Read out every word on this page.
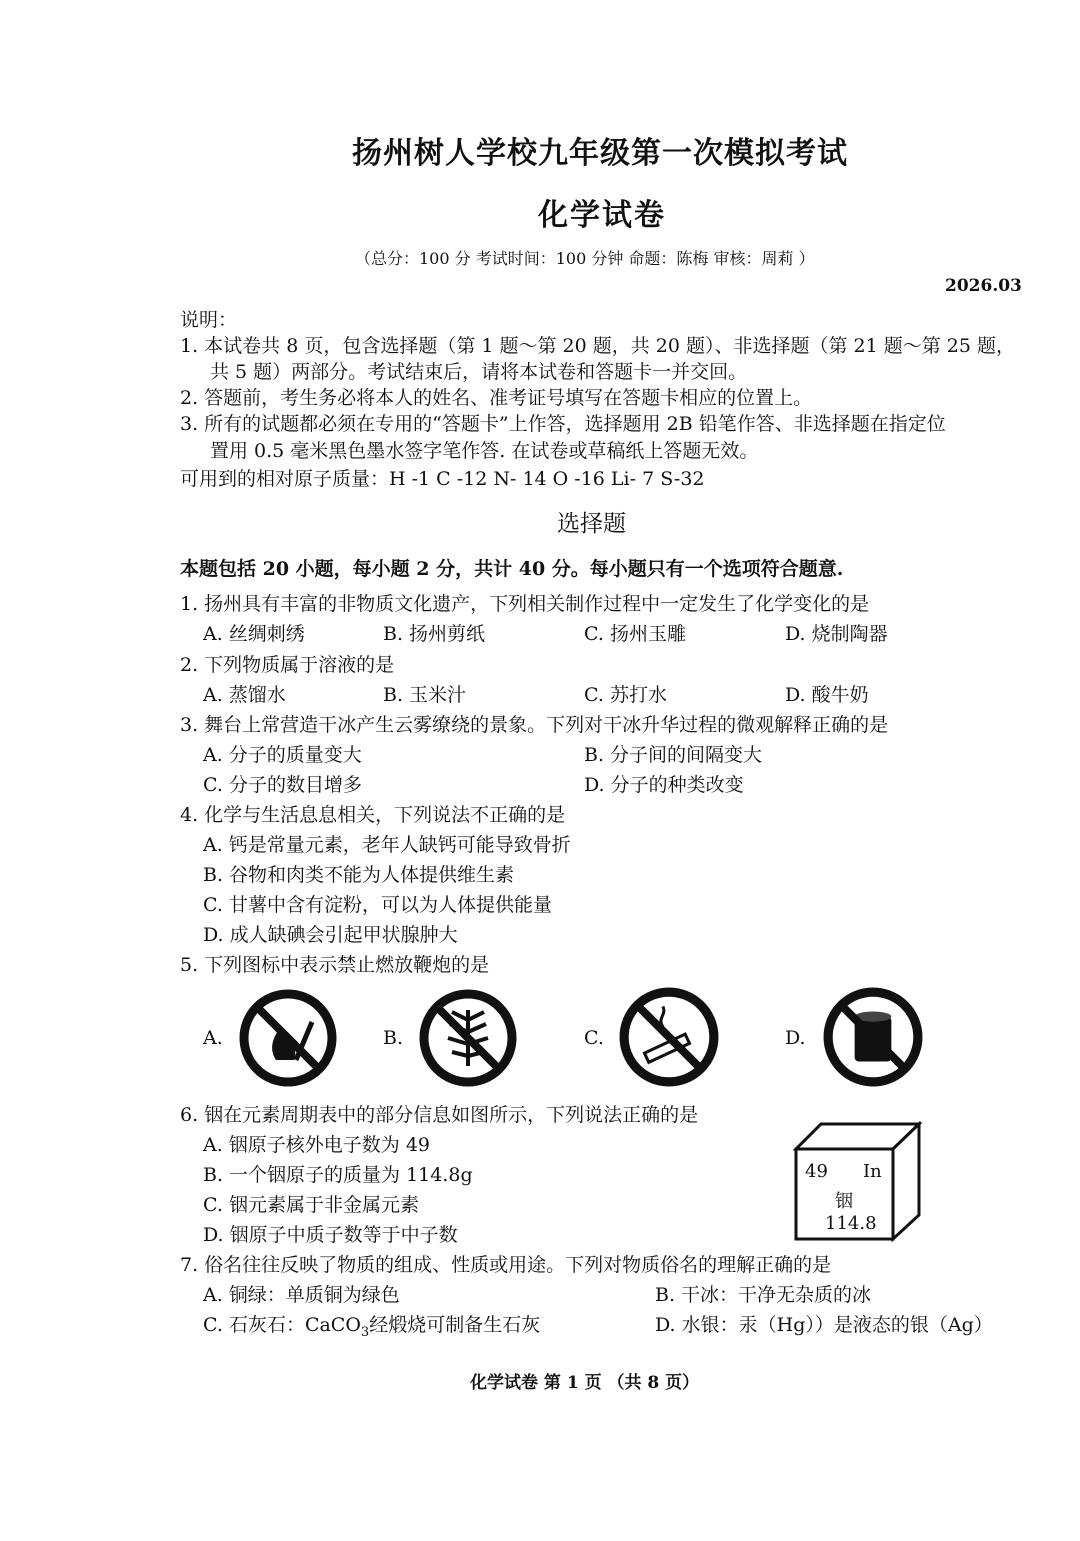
扬州树人学校九年级第一次模拟考试
化学试卷
（总分：100 分 考试时间：100 分钟 命题：陈梅 审核：周莉 ）
2026.03
说明：
1. 本试卷共 8 页，包含选择题（第 1 题～第 20 题，共 20 题）、非选择题（第 21 题～第 25 题，
共 5 题）两部分。考试结束后，请将本试卷和答题卡一并交回。
2. 答题前，考生务必将本人的姓名、准考证号填写在答题卡相应的位置上。
3. 所有的试题都必须在专用的“答题卡”上作答，选择题用 2B 铅笔作答、非选择题在指定位
置用 0.5 毫米黑色墨水签字笔作答. 在试卷或草稿纸上答题无效。
可用到的相对原子质量：H -1 C -12 N- 14 O -16 Li- 7 S-32
选择题
本题包括 20 小题，每小题 2 分，共计 40 分。每小题只有一个选项符合题意.
1. 扬州具有丰富的非物质文化遗产，下列相关制作过程中一定发生了化学变化的是
A. 丝绸刺绣	B. 扬州剪纸	C. 扬州玉雕	D. 烧制陶器
2. 下列物质属于溶液的是
A. 蒸馏水	B. 玉米汁	C. 苏打水	D. 酸牛奶
3. 舞台上常营造干冰产生云雾缭绕的景象。下列对干冰升华过程的微观解释正确的是
A. 分子的质量变大	B. 分子间的间隔变大
C. 分子的数目增多	D. 分子的种类改变
4. 化学与生活息息相关，下列说法不正确的是
A. 钙是常量元素，老年人缺钙可能导致骨折
B. 谷物和肉类不能为人体提供维生素
C. 甘薯中含有淀粉，可以为人体提供能量
D. 成人缺碘会引起甲状腺肿大
5. 下列图标中表示禁止燃放鞭炮的是
A.	B.	C.	D.
6. 铟在元素周期表中的部分信息如图所示，下列说法正确的是
A. 铟原子核外电子数为 49
B. 一个铟原子的质量为 114.8g
C. 铟元素属于非金属元素
D. 铟原子中质子数等于中子数
49 In
铟
114.8
7. 俗名往往反映了物质的组成、性质或用途。下列对物质俗名的理解正确的是
A. 铜绿：单质铜为绿色	B. 干冰：干净无杂质的冰
C. 石灰石：CaCO$_3$经煅烧可制备生石灰	D. 水银：汞（Hg））是液态的银（Ag）
化学试卷 第 1 页 （共 8 页）
